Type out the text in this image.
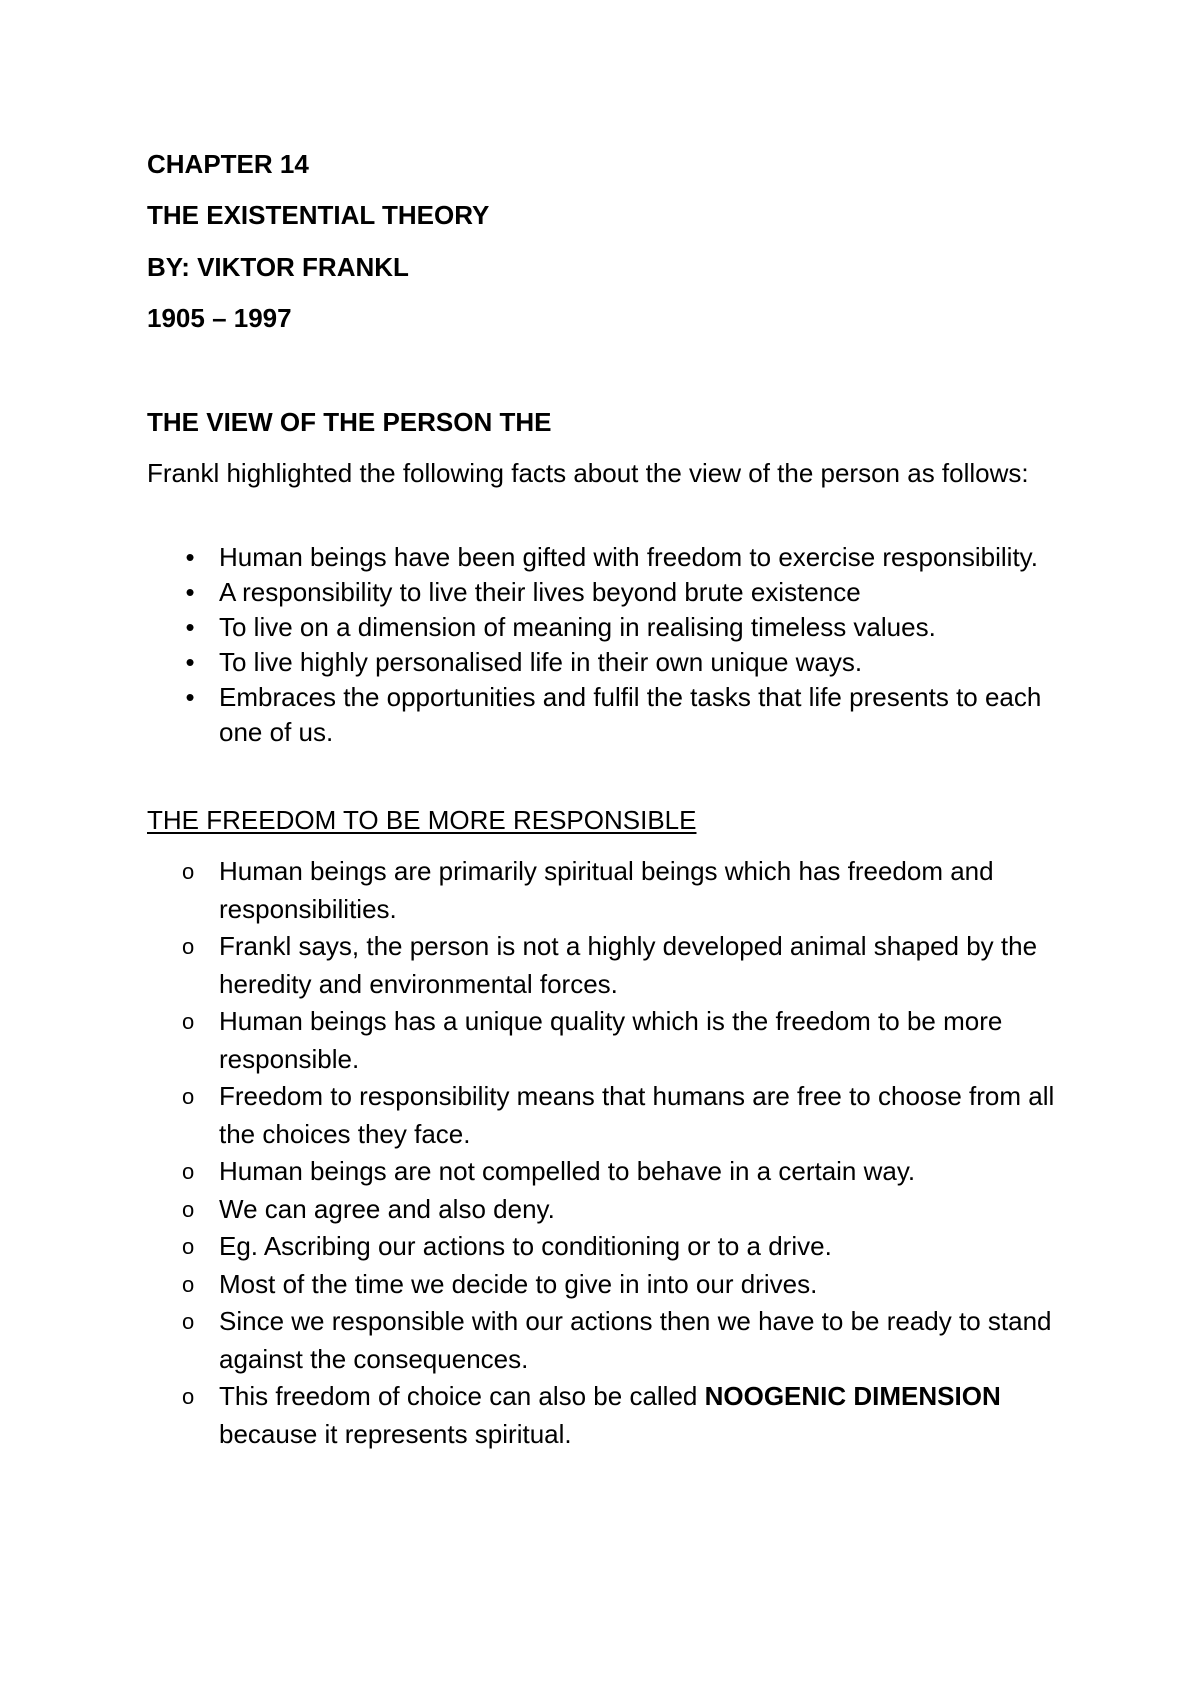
CHAPTER 14

THE EXISTENTIAL THEORY

BY: VIKTOR FRANKL

1905 – 1997

THE VIEW OF THE PERSON THE

Frankl highlighted the following facts about the view of the person as follows:

• Human beings have been gifted with freedom to exercise responsibility.
• A responsibility to live their lives beyond brute existence
• To live on a dimension of meaning in realising timeless values.
• To live highly personalised life in their own unique ways.
• Embraces the opportunities and fulfil the tasks that life presents to each one of us.

THE FREEDOM TO BE MORE RESPONSIBLE

o Human beings are primarily spiritual beings which has freedom and responsibilities.
o Frankl says, the person is not a highly developed animal shaped by the heredity and environmental forces.
o Human beings has a unique quality which is the freedom to be more responsible.
o Freedom to responsibility means that humans are free to choose from all the choices they face.
o Human beings are not compelled to behave in a certain way.
o We can agree and also deny.
o Eg. Ascribing our actions to conditioning or to a drive.
o Most of the time we decide to give in into our drives.
o Since we responsible with our actions then we have to be ready to stand against the consequences.
o This freedom of choice can also be called NOOGENIC DIMENSION because it represents spiritual.
